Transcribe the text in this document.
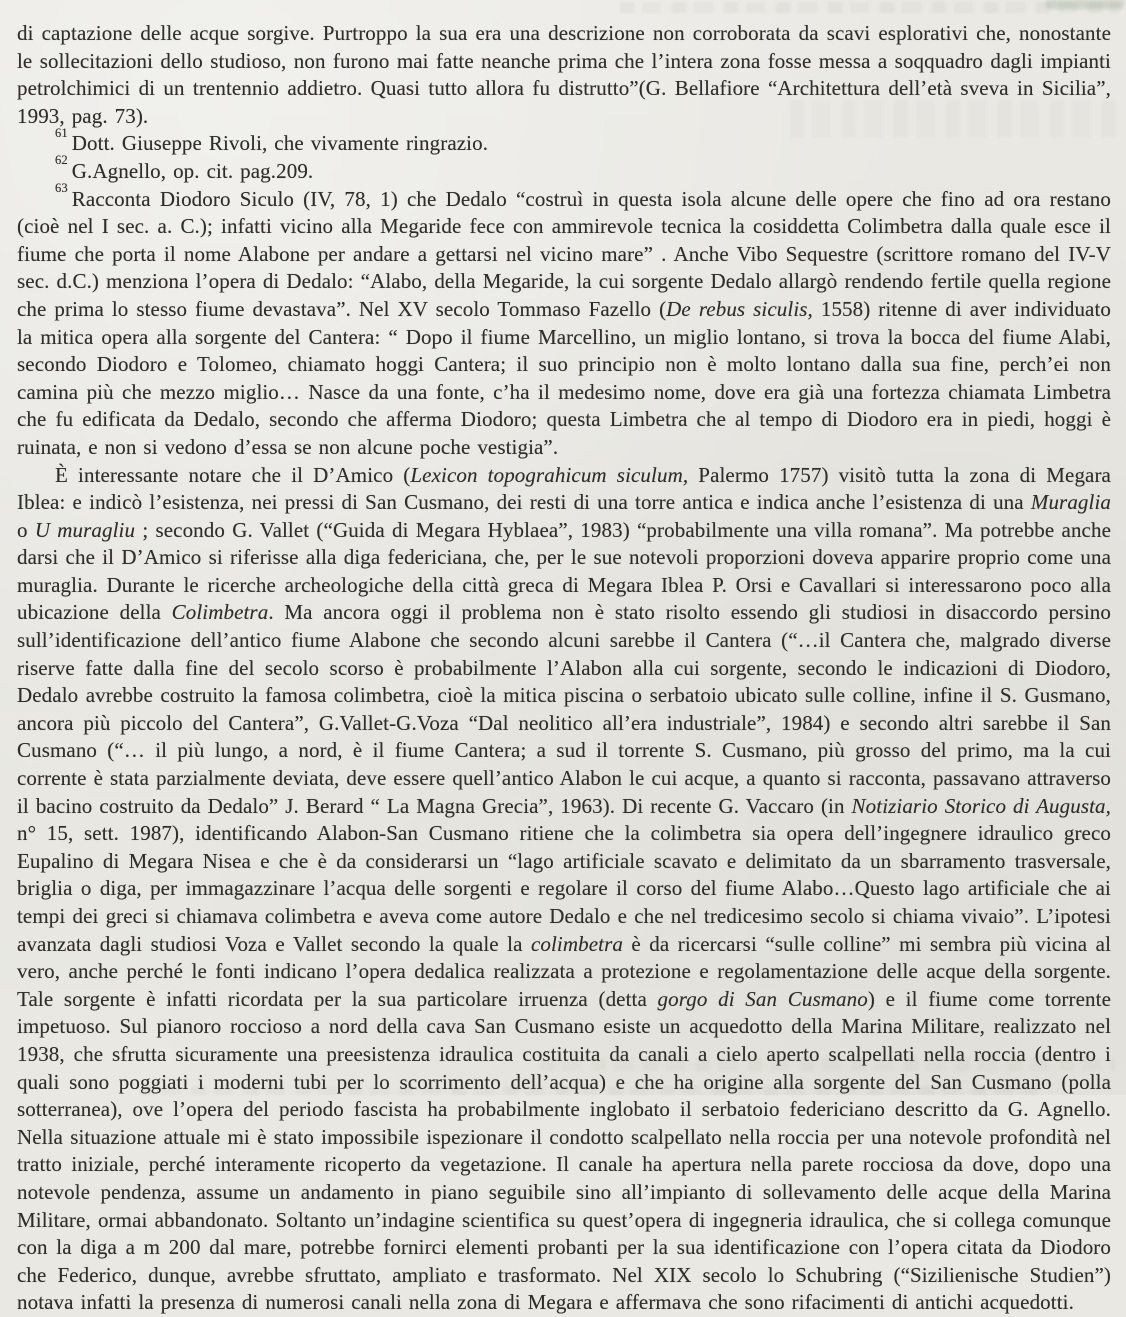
di captazione delle acque sorgive. Purtroppo la sua era una descrizione non corroborata da scavi esplorativi che, nonostante le sollecitazioni dello studioso, non furono mai fatte neanche prima che l’intera zona fosse messa a soqquadro dagli impianti petrolchimici di un trentennio addietro. Quasi tutto allora fu distrutto”(G. Bellafiore “Architettura dell’età sveva in Sicilia”, 1993, pag. 73).

$^{61}$ Dott. Giuseppe Rivoli, che vivamente ringrazio.

$^{62}$ G.Agnello, op. cit. pag.209.

$^{63}$ Racconta Diodoro Siculo (IV, 78, 1) che Dedalo “costruì in questa isola alcune delle opere che fino ad ora restano (cioè nel I sec. a. C.); infatti vicino alla Megaride fece con ammirevole tecnica la cosiddetta Colimbetra dalla quale esce il fiume che porta il nome Alabone per andare a gettarsi nel vicino mare” . Anche Vibo Sequestre (scrittore romano del IV-V sec. d.C.) menziona l’opera di Dedalo: “Alabo, della Megaride, la cui sorgente Dedalo allargò rendendo fertile quella regione che prima lo stesso fiume devastava”. Nel XV secolo Tommaso Fazello (De rebus siculis, 1558) ritenne di aver individuato la mitica opera alla sorgente del Cantera: “ Dopo il fiume Marcellino, un miglio lontano, si trova la bocca del fiume Alabi, secondo Diodoro e Tolomeo, chiamato hoggi Cantera; il suo principio non è molto lontano dalla sua fine, perch’ei non camina più che mezzo miglio… Nasce da una fonte, c’ha il medesimo nome, dove era già una fortezza chiamata Limbetra che fu edificata da Dedalo, secondo che afferma Diodoro; questa Limbetra che al tempo di Diodoro era in piedi, hoggi è ruinata, e non si vedono d’essa se non alcune poche vestigia”.

È interessante notare che il D’Amico (Lexicon topograhicum siculum, Palermo 1757) visitò tutta la zona di Megara Iblea: e indicò l’esistenza, nei pressi di San Cusmano, dei resti di una torre antica e indica anche l’esistenza di una Muraglia o U muragliu ; secondo G. Vallet (“Guida di Megara Hyblaea”, 1983) “probabilmente una villa romana”. Ma potrebbe anche darsi che il D’Amico si riferisse alla diga federiciana, che, per le sue notevoli proporzioni doveva apparire proprio come una muraglia. Durante le ricerche archeologiche della città greca di Megara Iblea P. Orsi e Cavallari si interessarono poco alla ubicazione della Colimbetra. Ma ancora oggi il problema non è stato risolto essendo gli studiosi in disaccordo persino sull’identificazione dell’antico fiume Alabone che secondo alcuni sarebbe il Cantera (“…il Cantera che, malgrado diverse riserve fatte dalla fine del secolo scorso è probabilmente l’Alabon alla cui sorgente, secondo le indicazioni di Diodoro, Dedalo avrebbe costruito la famosa colimbetra, cioè la mitica piscina o serbatoio ubicato sulle colline, infine il S. Gusmano, ancora più piccolo del Cantera”, G.Vallet-G.Voza “Dal neolitico all’era industriale”, 1984) e secondo altri sarebbe il San Cusmano (“… il più lungo, a nord, è il fiume Cantera; a sud il torrente S. Cusmano, più grosso del primo, ma la cui corrente è stata parzialmente deviata, deve essere quell’antico Alabon le cui acque, a quanto si racconta, passavano attraverso il bacino costruito da Dedalo” J. Berard “ La Magna Grecia”, 1963). Di recente G. Vaccaro (in Notiziario Storico di Augusta, n° 15, sett. 1987), identificando Alabon-San Cusmano ritiene che la colimbetra sia opera dell’ingegnere idraulico greco Eupalino di Megara Nisea e che è da considerarsi un “lago artificiale scavato e delimitato da un sbarramento trasversale, briglia o diga, per immagazzinare l’acqua delle sorgenti e regolare il corso del fiume Alabo…Questo lago artificiale che ai tempi dei greci si chiamava colimbetra e aveva come autore Dedalo e che nel tredicesimo secolo si chiama vivaio”. L’ipotesi avanzata dagli studiosi Voza e Vallet secondo la quale la colimbetra è da ricercarsi “sulle colline” mi sembra più vicina al vero, anche perché le fonti indicano l’opera dedalica realizzata a protezione e regolamentazione delle acque della sorgente. Tale sorgente è infatti ricordata per la sua particolare irruenza (detta gorgo di San Cusmano) e il fiume come torrente impetuoso. Sul pianoro roccioso a nord della cava San Cusmano esiste un acquedotto della Marina Militare, realizzato nel 1938, che sfrutta sicuramente una preesistenza idraulica costituita da canali a cielo aperto scalpellati nella roccia (dentro i quali sono poggiati i moderni tubi per lo scorrimento dell’acqua) e che ha origine alla sorgente del San Cusmano (polla sotterranea), ove l’opera del periodo fascista ha probabilmente inglobato il serbatoio federiciano descritto da G. Agnello. Nella situazione attuale mi è stato impossibile ispezionare il condotto scalpellato nella roccia per una notevole profondità nel tratto iniziale, perché interamente ricoperto da vegetazione. Il canale ha apertura nella parete rocciosa da dove, dopo una notevole pendenza, assume un andamento in piano seguibile sino all’impianto di sollevamento delle acque della Marina Militare, ormai abbandonato. Soltanto un’indagine scientifica su quest’opera di ingegneria idraulica, che si collega comunque con la diga a m 200 dal mare, potrebbe fornirci elementi probanti per la sua identificazione con l’opera citata da Diodoro che Federico, dunque, avrebbe sfruttato, ampliato e trasformato. Nel XIX secolo lo Schubring (“Sizilienische Studien”) notava infatti la presenza di numerosi canali nella zona di Megara e affermava che sono rifacimenti di antichi acquedotti.
